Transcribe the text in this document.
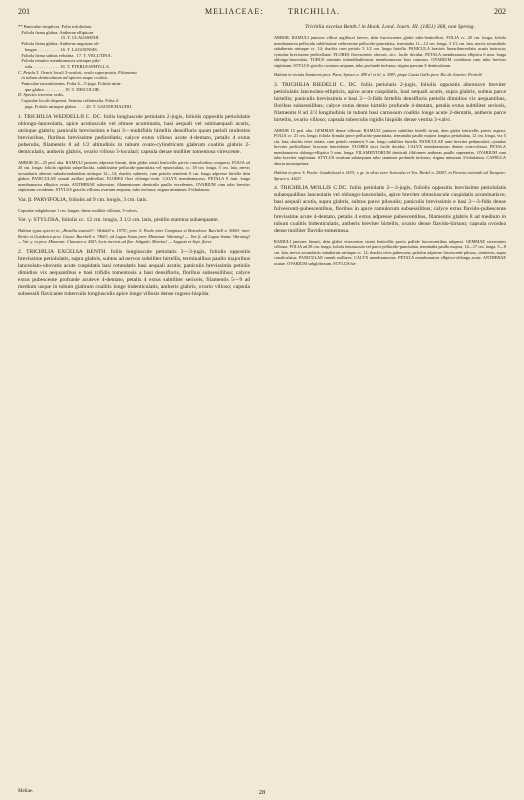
201	MELIACEAE:	TRICHILIA.	202
** Paniculae simplices. Folia trifoliolata.
Foliola firma glabra. Antherae ellipticae
15. T. CLAUSSENII.
Foliola firma glabra. Antherae angustae ob-
longae . . . . . . . . . . 16. T. LAGOENSIS.
Foliola firma subtus velutina . 17. T. VELUTINA.
Foliola tenuiter membranacea utrinque pilo-
sula . . . . . . . . . . . . 18. T. PTERLEAPHYLLA.
C. Petala 5. Ovarii loculi 3-ovulati; ovula superposita. Filamenta
in tubum denticulatum ad apicem usque coalita.
Paniculae racemiformes. Folia 4—5-juga. Foliola utrin-
que glabra . . . . . . . . . 19. T. DISCOLOR.
D. Species incertae sedis.
Capsulae loculi dispermi. Semina collateralia. Folia 2-
juga. Foliola utrinque glabra . . . . 20. T. GAUDICHAUDII.

1. TRICHILIA WEDDELLII C. DC. foliis longiuscule petiolatis 2-jugis, foliolis oppositis petiolulatis oblongo-lanceolatis, apice acutiuscule vel obtuse acuminatis, basi aequali vel subinaequali acutis, utrinque glabris; paniculis brevissimis e basi 3—multifidis hirtellis densifloris quam petioli multoties brevioribus, floribus brevissime pedicellatis; calyce extus villoso acute 4-dentato, petalis 4 extus puberulis, filamentis 8 ad 1/2 altitudinis in tubum ovato-cylindricum glabrum coalitis glabris 2-denticulatis, antheris glabris, ovario villoso 3-loculari; capsula denae molliter tomentosa virescente.

ARBOR 20—25 ped. alta. RAMULI juniores adpresse hirsuti, dein glabri striati lenticellis parvis concoloribus conspersi. FOLIA ad 20 cm. longa; foliola rigidula subpellucida, subtilissime pellucido-punctulata vel epunctulata, cc. 18 cm. longa, 5 cm. lata, nervis secundariis alternis subadscendentibus utrinque 12—14; rhachis subteres, cum petiolo semiterti 6 cm. longo adpresse hirtella dein glabra. PANICULAE ramuli axillari pedicellati. FLORES flavi oblongo-ovati. CALYX membranaceus. PETALA 8 mm. longa membranacea elliptica ovata. ANTHERAE subovatae, filamentorum denticulis paullo excedentes. OVARIUM cum tubo breviter stipitatum ovoideum. STYLUS gracilis villosus ovarium aequans, tubo inclusus; stigma minimum 3-lobulatum.

Var. β. PARVIFOLIA, foliolis ad 9 cm. longis, 3 cm. latis.

Capsulae subglobosae 1 cm. longae, dense molliter villosae, 3-valves.

Var. γ. STYLOSA, foliolis cc. 12 cm. longis, 3 1/2 cm. latis, pistillo stamina subaequante.

Habitat typus speciei in „Brasilia australi“: Weddell n. 1975!; prov. S. Paulo inter Campinas et Borcalava: Burchell n. 5066!; inter Retiro et Guiabeira prov. Goyaz: Burchell n. 7466!; ad Lagoa Santa prov. Minarum: Warming! — Var. β. ad Lagoa Santa: Warming! — Var. γ. in prov. Minarum: Claussen n. 458!; locis incertis ad flue. Salgado: Martius! — Augusto et Sept. floret.

2. TRICHILIA EXCELSA BENTH. foliis longiuscule petiolatis 3—3-jugis, foliolis oppositis brevissime petiolulatis, supra glabris, subtus ad nervos subtiliter hirtellis, terminalibus paullo majoribus lanceolato-obovatis acute cuspidatis basi rotundatis basi aequali acutis; paniculis brevissimis petiolis dimidios vix aequantibus e basi trifidis tomentosis a basi densifloris, floribus subsessilibus; calyce extus pubescente profunde acuteve 4-dentato, petalis 4 extus subtiliter sericeis, filamentis 5—9 ad medium usque in tubum glabrum coalitis longe bidenticulatis, antheris glabris, ovario villoso; capsula subsessili flavicante tuberculis longiusculis apice longe villosis dense rugoso-hispida.

Trichilia excelsa Benth.! in Hook. Lond. Journ. III. (1851) 368, non Spreng.

ARBOR. RAMULI juniores villosi argillacei laeves, dein fuscescentes glabri tubo-lenticellosi. FOLIA cc. 20 cm. longa; foliola membranacea pellucida subtilissime crebrerrime pellucido-punctulata, terminalia 11—12 cm. longa, 3 1/2 cm. lata, nervis secundariis subalternis utrinque cc. 14; rhachis cum petiolo 5 1/2 cm. longo hirtella. PANICULA bracteis linearilanceolatis acutis instructa; cymulae brevissime pedicellatae. FLORES flavescentes obovati, sicc. facile decidui. PETALA membranacea elliptica 6 mm. longa oblongo-lanceolata. TUBUS staminis infundibuliformis membranaceus basi carnosus. OVARIUM ovoideum cum tubo breviter stipitatum. STYLUS gracilis ovarium aequans, tubo profunde inclusus; stigma parvum 3-denticulatum.

Habitat in vicinia Santarem prov. Para: Spruce n. 499 a! et b!, n. 598!; prope Canta Gallo prov. Rio de Janeiro: Peckolt!

3. TRICHILIA RIEDELII C. DC. foliis petiolatis 2-jugis, foliolis oppositis alternisve breviter petiolulatis lanceolato-ellipticis, apice acute cuspidatis, basi nequali acutis, supra glabris, subtus parce hirtellis; paniculis brevissimis e basi 2—3-fidis hirtellis densifloris petiolis dimidios vix aequantibus, floribus subsessilibus; calyce extus dense hirtello profunde 4-dentato, petalis extus subtiliter sericeis, filamentis 8 ad 2/3 longitudinis in tubum basi carnosum coalitis longe acute 2-dentatis, antheris parce hirtellis, ovario villoso; capsula tuberculis rigidis hispidis dense vestita 3-valvi.

ARBOR 15 ped. alta. GEMMAE dense villosae. RAMULI juniores subtiliter hirtelli striati, dein glabri lenticellis parvis aspersi. FOLIA cc. 21 cm. longa; foliola firmula parce pellucido-punctulata, terminalia paullo majora longius petiolulata, 12 cm. longa, vix 5 cm. lata; rhachis teres striata, cum petiolo semiterti 9 cm. longo subtiliter hirtella. PANICULAE rami breviter pedunculati; cymulae breviter pedicellatae; bracteae lanceolatae. FLORES sicci facile decidui. CALYX membranaceus dentes ovato-obtusi. PETALA membranacea oblongo-elliptica 5 mm. longa. FILAMENTORUM denticuli filiformes antheras paullo superantes. OVARIUM cum tubo breviter stipitatum. STYLUS ovarium subaequans tubo staminea profunde inclusus; stigma minutum 3-lobulatum. CAPSULA abortu monosperma.

Habitat in prov. S. Paulo: Gaudichaud n. 603!; r. gr. in silvis inter Sorocaba et Ytu: Riedel n. 2058!; in Peruvia orientali ad Tarapoto: Spruce n. 4421!

4. TRICHILIA MOLLIS C.DC. foliis petiolatis 2—3-jugis, foliolis oppositis brevissime petiolulatis subaequalibus lanceolatis vel oblongo-lanceolatis, apice breviter obtusiuscule cuspidatis acuminatisve, basi aequali acutis, supra glabris, subtus parce pilosulis; paniculis brevissimis e basi 2—3-fidis dense fulvescenti-pubescentibus, floribus in apice ramulorum subsessilibus; calyce extus flavido-pubescente brevissime acute 4-dentato, petalis 4 extus adpresse pubescentibus, filamentis glabris 8 ad medium in tubum coalitis bidenticulatis, antheris breviter hirtellis, ovario dense flavido-hirsuto; capsula ovoidea dense molliter flavido-tomentosa.

RAMULI juniores hirsuti, dein glabri virescentes striati lenticellis parvis pallide fuscescentibus adspersi. GEMMAE virescentes villosae. FOLIA ad 28 cm. longa; foliola tenuiuscula vel parce pellucido-punctulata, terminalia paullo majora, 14—17 cm. longa, 5—8 cm. lata, nervis secundariis subalternis utrinque cc. 12; rhachis teres pubescens; petiolus adpresse fuscescenti-pilosus, semiteres, supra canaliculatus. PANICULAE ramuli axillares. CALYX membranaceus. PETALA membranacea elliptico-oblonga acuta. ANTHERAE acutae. OVARIUM subglobosum. STYLUS hir-

Meliae.	28
